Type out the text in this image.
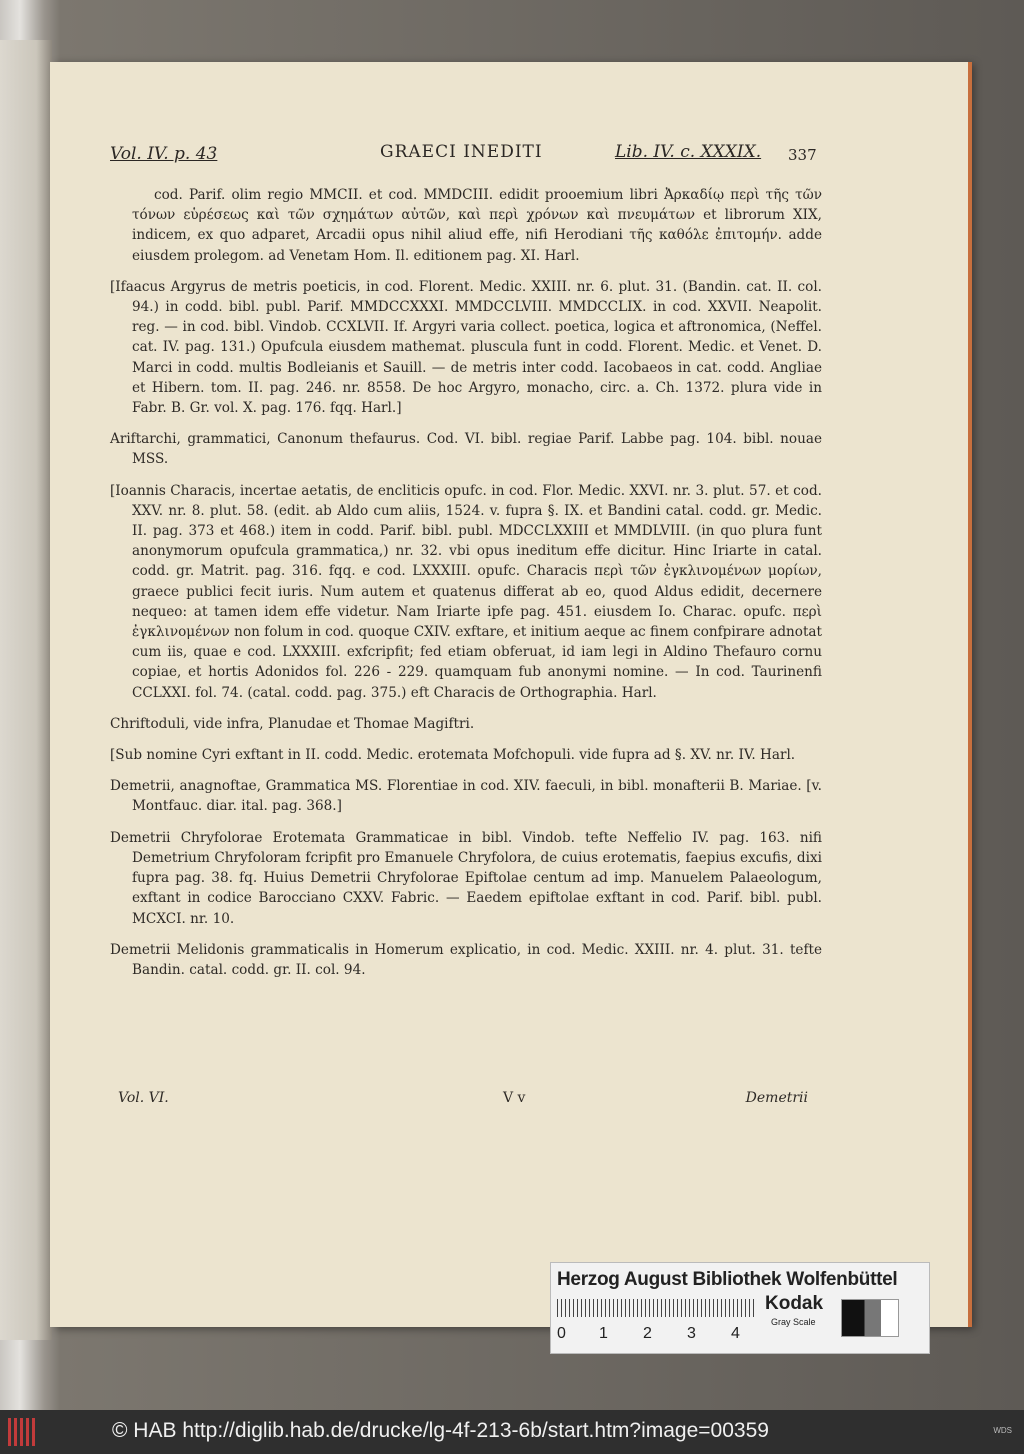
Vol. IV. p. 43	GRAECI INEDITI	Lib. IV. c. XXXIX. 337

cod. Parif. olim regio MMCII. et cod. MMDCIII. edidit prooemium libri Ἀρκαδίῳ περὶ τῆς τῶν τόνων εὑρέσεως καὶ τῶν σχημάτων αὐτῶν, καὶ περὶ χρόνων καὶ πνευμάτων et librorum XIX, indicem, ex quo adparet, Arcadii opus nihil aliud effe, nifi Herodiani τῆς καθόλε ἐπιτομήν. adde eiusdem prolegom. ad Venetam Hom. Il. editionem pag. XI. Harl.

[Ifaacus Argyrus de metris poeticis, in cod. Florent. Medic. XXIII. nr. 6. plut. 31. (Bandin. cat. II. col. 94.) in codd. bibl. publ. Parif. MMDCCXXXI. MMDCCLVIII. MMDCCLIX. in cod. XXVII. Neapolit. reg. — in cod. bibl. Vindob. CCXLVII. If. Argyri varia collect. poetica, logica et aftronomica, (Neffel. cat. IV. pag. 131.) Opufcula eiusdem mathemat. pluscula funt in codd. Florent. Medic. et Venet. D. Marci in codd. multis Bodleianis et Sauill. — de metris inter codd. Iacobaeos in cat. codd. Angliae et Hibern. tom. II. pag. 246. nr. 8558. De hoc Argyro, monacho, circ. a. Ch. 1372. plura vide in Fabr. B. Gr. vol. X. pag. 176. fqq. Harl.]

Ariftarchi, grammatici, Canonum thefaurus. Cod. VI. bibl. regiae Parif. Labbe pag. 104. bibl. nouae MSS.

[Ioannis Characis, incertae aetatis, de encliticis opufc. in cod. Flor. Medic. XXVI. nr. 3. plut. 57. et cod. XXV. nr. 8. plut. 58. (edit. ab Aldo cum aliis, 1524. v. fupra §. IX. et Bandini catal. codd. gr. Medic. II. pag. 373 et 468.) item in codd. Parif. bibl. publ. MDCCLXXIII et MMDLVIII. (in quo plura funt anonymorum opufcula grammatica,) nr. 32. vbi opus ineditum effe dicitur. Hinc Iriarte in catal. codd. gr. Matrit. pag. 316. fqq. e cod. LXXXIII. opufc. Characis περὶ τῶν ἐγκλινομένων μορίων, graece publici fecit iuris. Num autem et quatenus differat ab eo, quod Aldus edidit, decernere nequeo: at tamen idem effe videtur. Nam Iriarte ipfe pag. 451. eiusdem Io. Charac. opufc. περὶ ἐγκλινομένων non folum in cod. quoque CXIV. exftare, et initium aeque ac finem confpirare adnotat cum iis, quae e cod. LXXXIII. exfcripfit; fed etiam obferuat, id iam legi in Aldino Thefauro cornu copiae, et hortis Adonidos fol. 226 - 229. quamquam fub anonymi nomine. — In cod. Taurinenfi CCLXXI. fol. 74. (catal. codd. pag. 375.) eft Characis de Orthographia. Harl.

Chriftoduli, vide infra, Planudae et Thomae Magiftri.

[Sub nomine Cyri exftant in II. codd. Medic. erotemata Mofchopuli. vide fupra ad §. XV. nr. IV. Harl.

Demetrii, anagnoftae, Grammatica MS. Florentiae in cod. XIV. faeculi, in bibl. monafterii B. Mariae. [v. Montfauc. diar. ital. pag. 368.]

Demetrii Chryfolorae Erotemata Grammaticae in bibl. Vindob. tefte Neffelio IV. pag. 163. nifi Demetrium Chryfoloram fcripfit pro Emanuele Chryfolora, de cuius erotematis, faepius excufis, dixi fupra pag. 38. fq. Huius Demetrii Chryfolorae Epiftolae centum ad imp. Manuelem Palaeologum, exftant in codice Barocciano CXXV. Fabric. — Eaedem epiftolae exftant in cod. Parif. bibl. publ. MCXCI. nr. 10.

Demetrii Melidonis grammaticalis in Homerum explicatio, in cod. Medic. XXIII. nr. 4. plut. 31. tefte Bandin. catal. codd. gr. II. col. 94.

Vol. VI.	V v	Demetrii
Herzog August Bibliothek Wolfenbüttel
0 1 2 3 4
Kodak
Gray Scale
© HAB http://diglib.hab.de/drucke/lg-4f-213-6b/start.htm?image=00359	WDS
